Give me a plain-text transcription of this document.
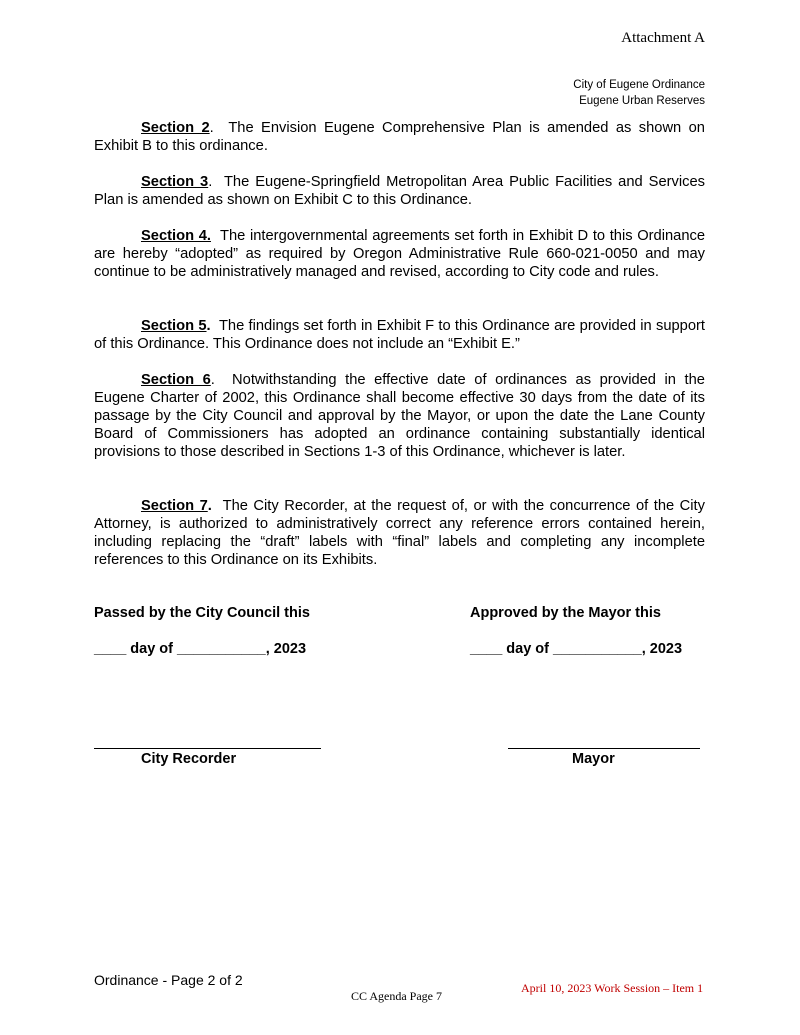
Attachment A
City of Eugene Ordinance
Eugene Urban Reserves
Section 2. The Envision Eugene Comprehensive Plan is amended as shown on Exhibit B to this ordinance.
Section 3. The Eugene-Springfield Metropolitan Area Public Facilities and Services Plan is amended as shown on Exhibit C to this Ordinance.
Section 4. The intergovernmental agreements set forth in Exhibit D to this Ordinance are hereby “adopted” as required by Oregon Administrative Rule 660-021-0050 and may continue to be administratively managed and revised, according to City code and rules.
Section 5. The findings set forth in Exhibit F to this Ordinance are provided in support of this Ordinance. This Ordinance does not include an “Exhibit E.”
Section 6. Notwithstanding the effective date of ordinances as provided in the Eugene Charter of 2002, this Ordinance shall become effective 30 days from the date of its passage by the City Council and approval by the Mayor, or upon the date the Lane County Board of Commissioners has adopted an ordinance containing substantially identical provisions to those described in Sections 1-3 of this Ordinance, whichever is later.
Section 7. The City Recorder, at the request of, or with the concurrence of the City Attorney, is authorized to administratively correct any reference errors contained herein, including replacing the “draft” labels with “final” labels and completing any incomplete references to this Ordinance on its Exhibits.
Passed by the City Council this	Approved by the Mayor this
____ day of ___________, 2023	____ day of ___________, 2023
City Recorder	Mayor
Ordinance - Page 2 of 2
CC Agenda Page 7
April 10, 2023 Work Session – Item 1
